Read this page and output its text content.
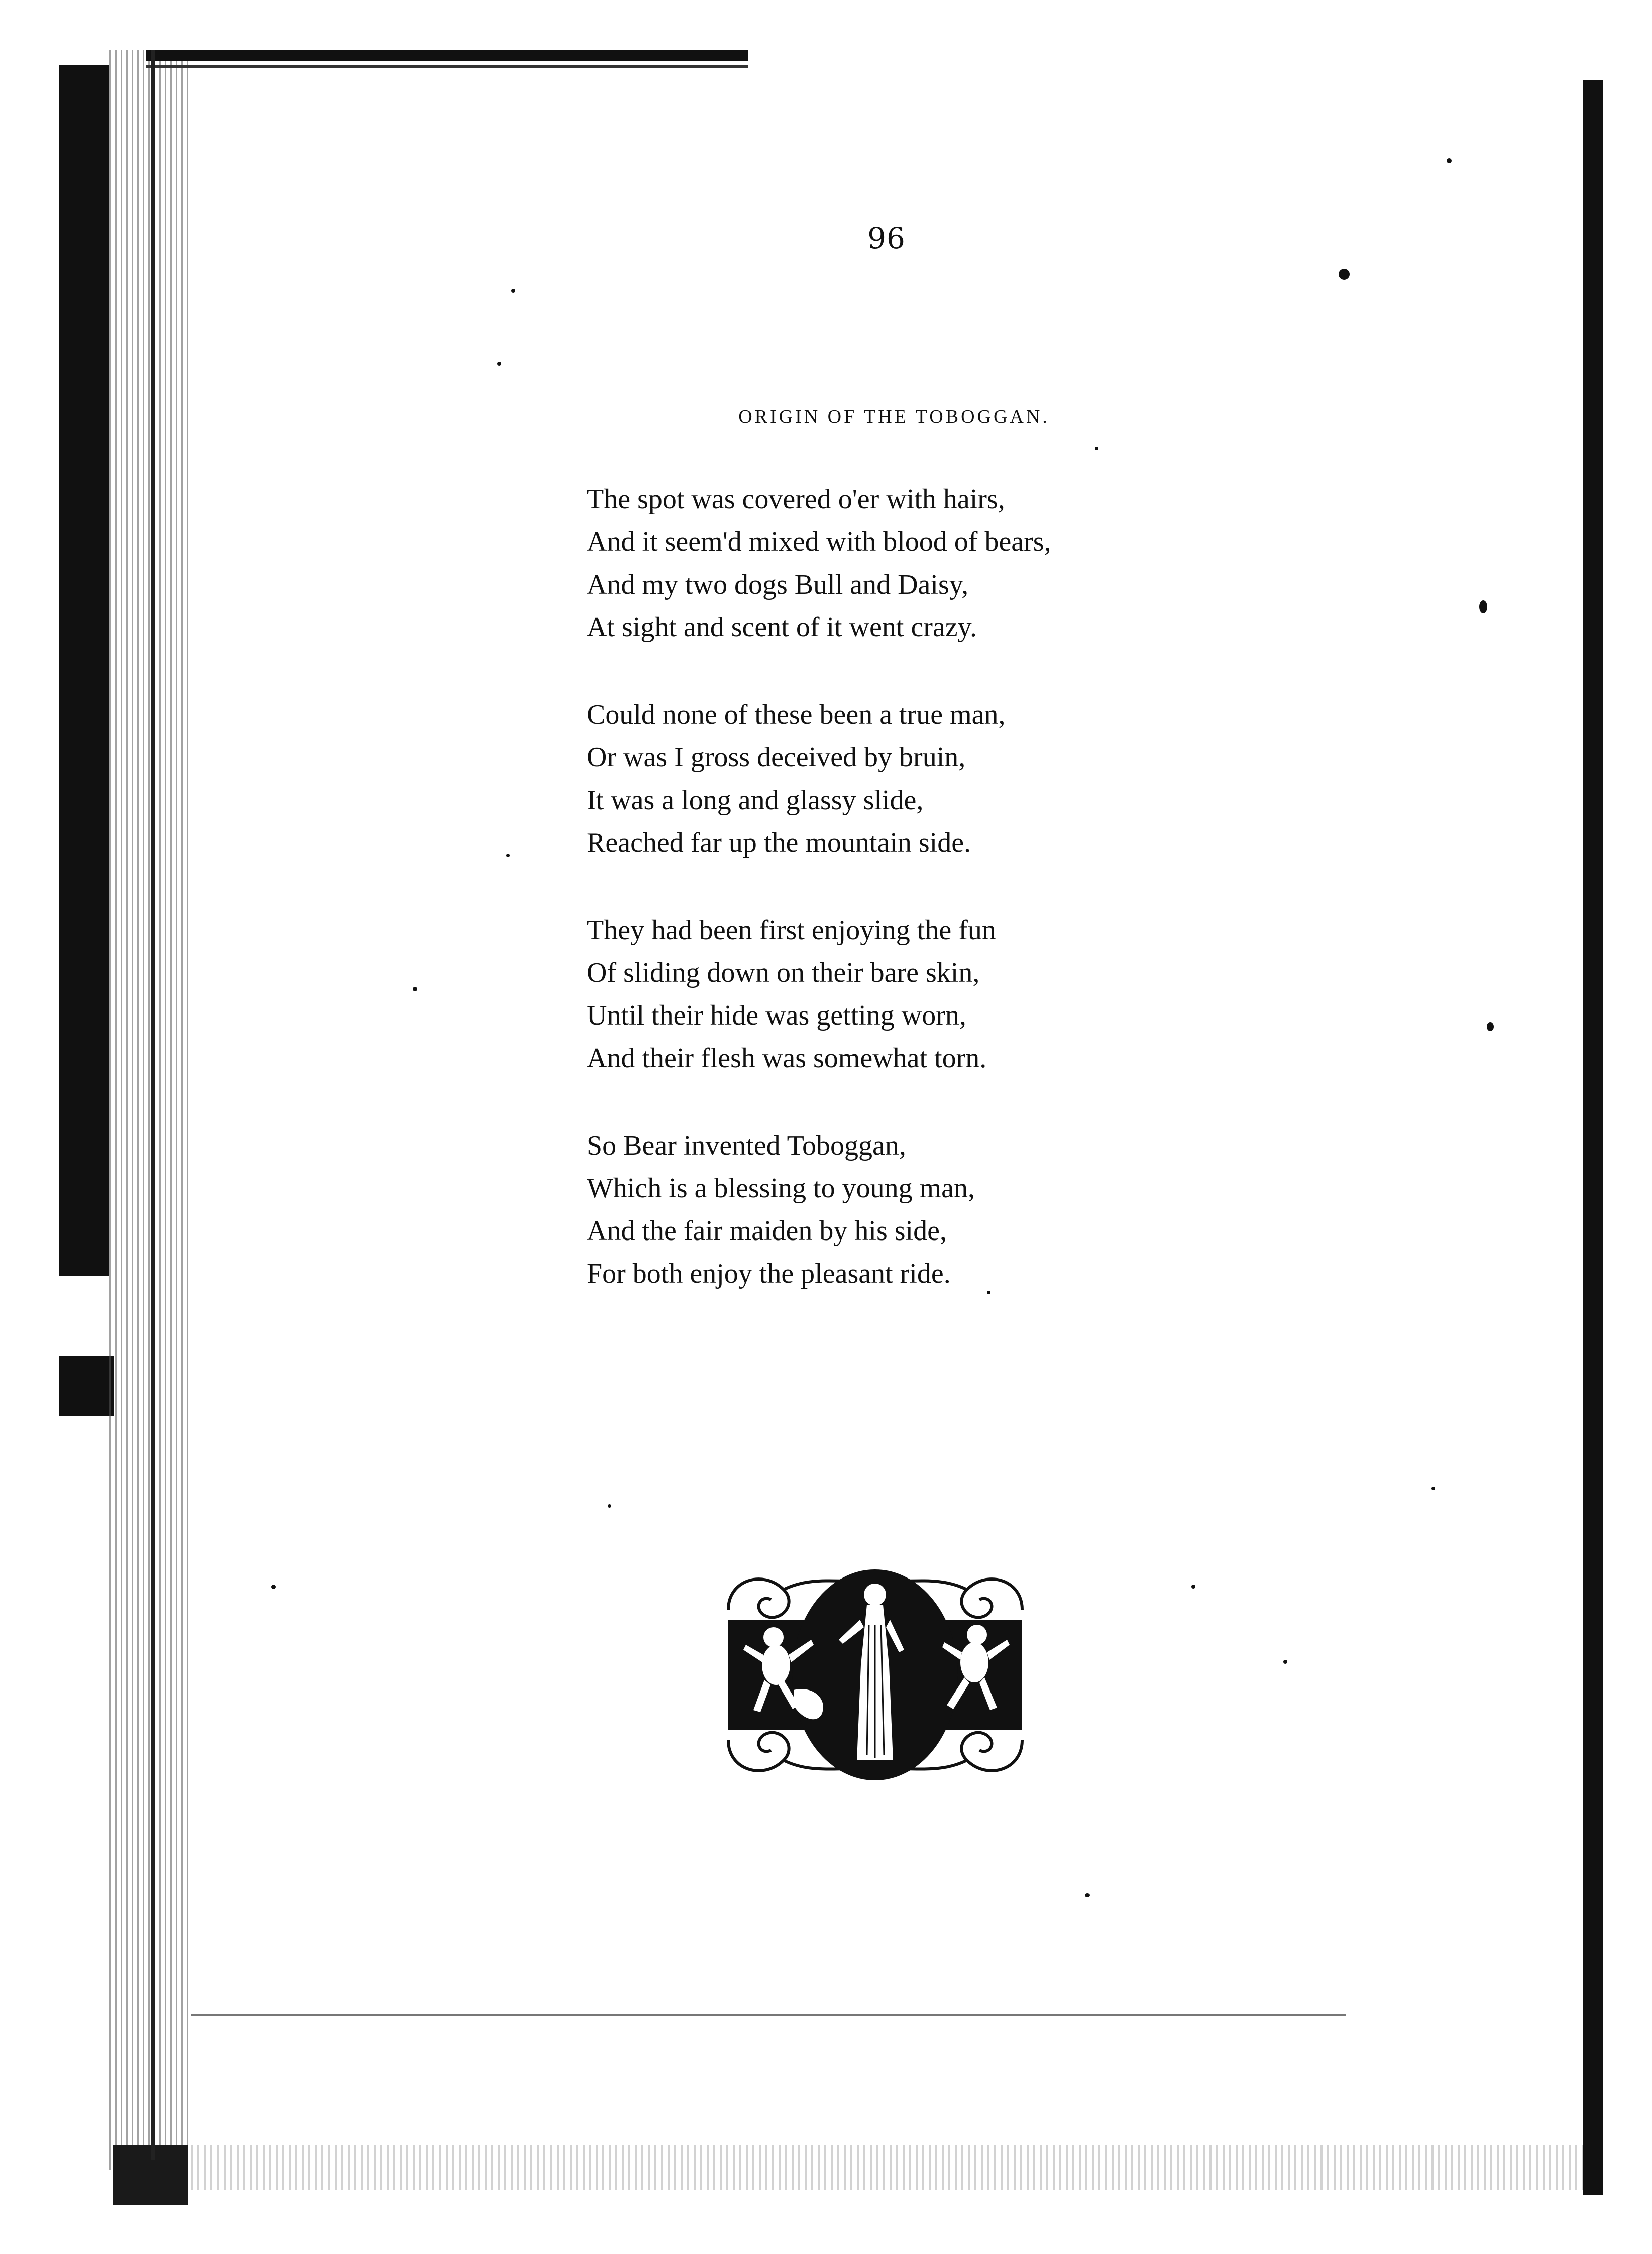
96
ORIGIN OF THE TOBOGGAN.
The spot was covered o'er with hairs,
And it seem'd mixed with blood of bears,
And my two dogs Bull and Daisy,
At sight and scent of it went crazy.
Could none of these been a true man,
Or was I gross deceived by bruin,
It was a long and glassy slide,
Reached far up the mountain side.
They had been first enjoying the fun
Of sliding down on their bare skin,
Until their hide was getting worn,
And their flesh was somewhat torn.
So Bear invented Toboggan,
Which is a blessing to young man,
And the fair maiden by his side,
For both enjoy the pleasant ride.
